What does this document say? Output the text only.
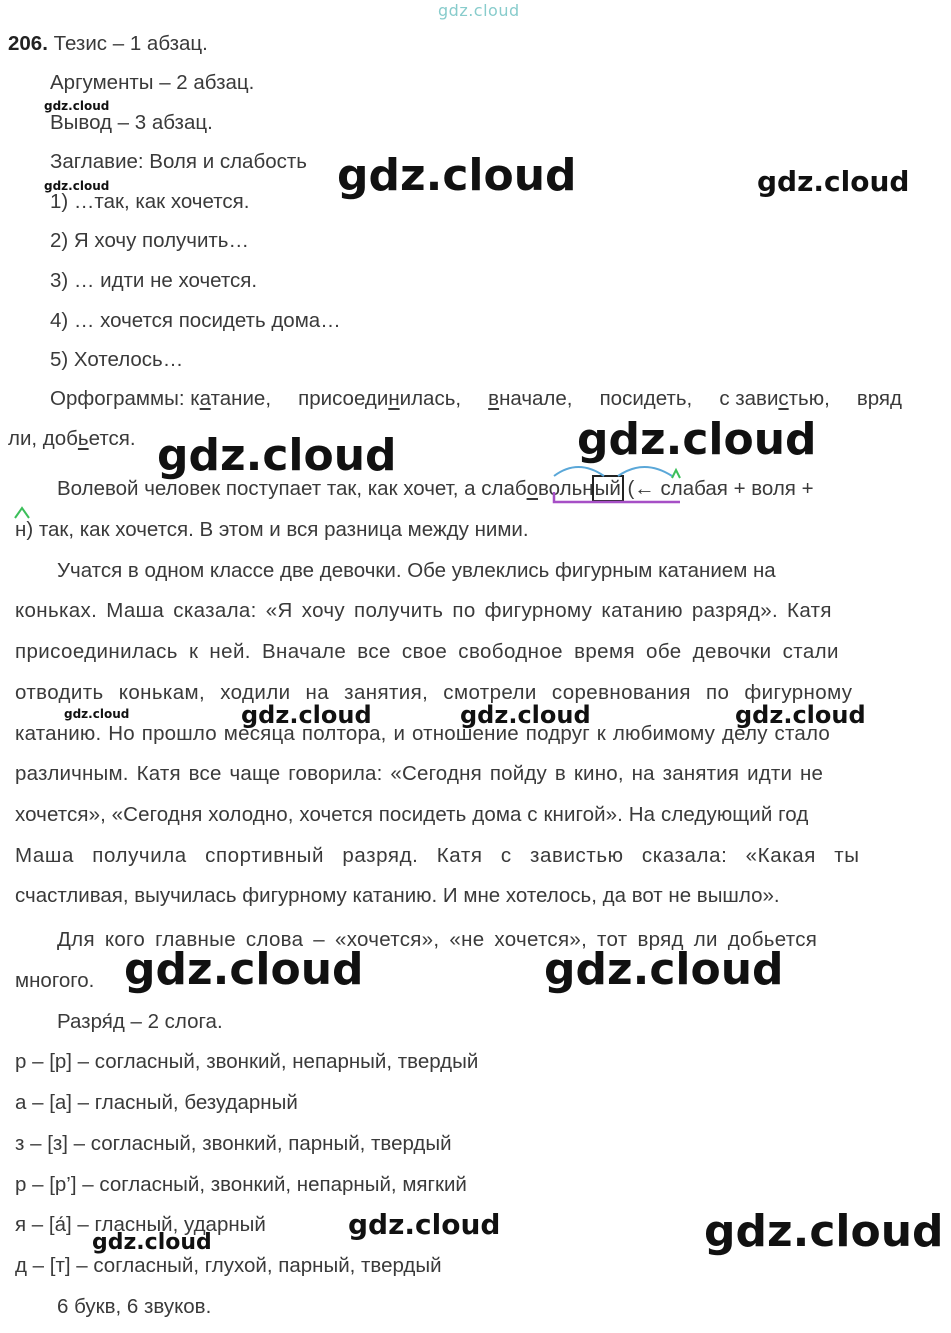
gdz.cloud
206. Тезис – 1 абзац.
Аргументы – 2 абзац.
Вывод – 3 абзац.
Заглавие: Воля и слабость
1) …так, как хочется.
2) Я хочу получить…
3) … идти не хочется.
4) … хочется посидеть дома…
5) Хотелось…
Орфограммы: катание, присоединилась, вначале, посидеть, с завистью, вряд
ли, добьется.
Волевой человек поступает так, как хочет, а слабовольный (← слабая + воля +
н) так, как хочется. В этом и вся разница между ними.
Учатся в одном классе две девочки. Обе увлеклись фигурным катанием на
коньках. Маша сказала: «Я хочу получить по фигурному катанию разряд». Катя
присоединилась к ней. Вначале все свое свободное время обе девочки стали
отводить конькам, ходили на занятия, смотрели соревнования по фигурному
катанию. Но прошло месяца полтора, и отношение подруг к любимому делу стало
различным. Катя все чаще говорила: «Сегодня пойду в кино, на занятия идти не
хочется», «Сегодня холодно, хочется посидеть дома с книгой». На следующий год
Маша получила спортивный разряд. Катя с завистью сказала: «Какая ты
счастливая, выучилась фигурному катанию. И мне хотелось, да вот не вышло».
Для кого главные слова – «хочется», «не хочется», тот вряд ли добьется
многого.
Разря́д – 2 слога.
р – [р] – согласный, звонкий, непарный, твердый
а – [а] – гласный, безударный
з – [з] – согласный, звонкий, парный, твердый
р – [р’] – согласный, звонкий, непарный, мягкий
я – [а́] – гласный, ударный
д – [т] – согласный, глухой, парный, твердый
6 букв, 6 звуков.
gdz.cloud
gdz.cloud	gdz.cloud	gdz.cloud
gdz.cloud
gdz.cloud
gdz.cloud	gdz.cloud	gdz.cloud	gdz.cloud
gdz.cloud	gdz.cloud
gdz.cloud	gdz.cloud
gdz.cloud
